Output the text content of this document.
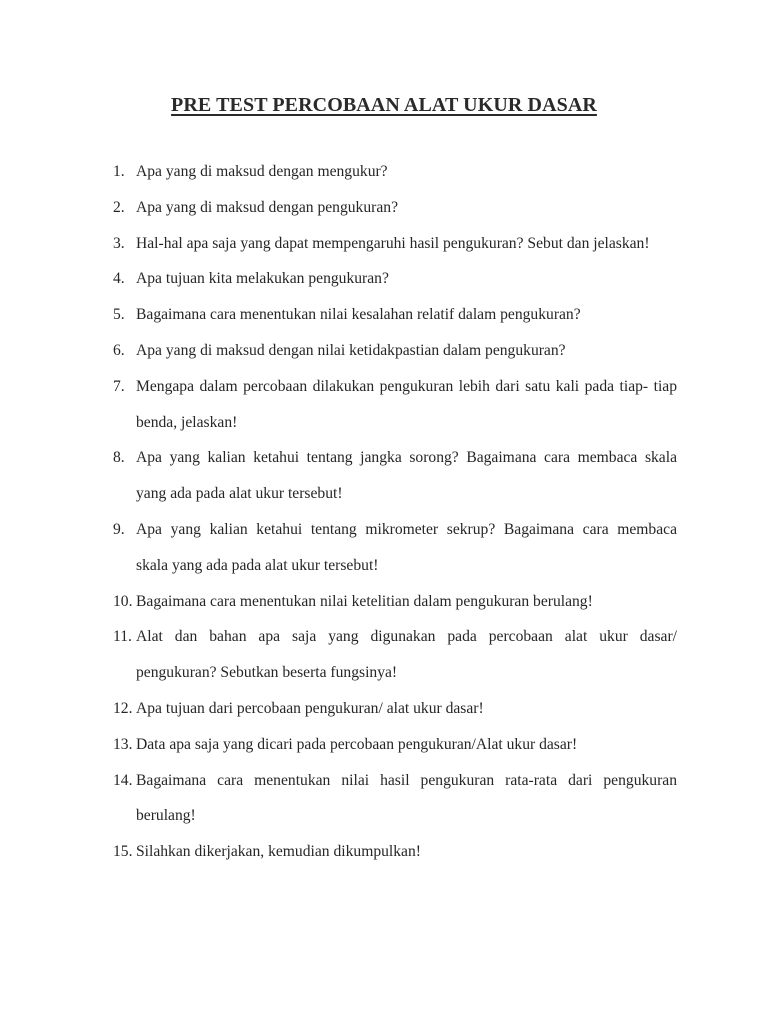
PRE TEST PERCOBAAN ALAT UKUR DASAR
1. Apa yang di maksud dengan mengukur?
2. Apa yang di maksud dengan pengukuran?
3. Hal-hal apa saja yang dapat mempengaruhi hasil pengukuran? Sebut dan jelaskan!
4. Apa tujuan kita melakukan pengukuran?
5. Bagaimana cara menentukan nilai kesalahan relatif dalam pengukuran?
6. Apa yang di maksud dengan nilai ketidakpastian dalam pengukuran?
7. Mengapa dalam percobaan dilakukan pengukuran lebih dari satu kali pada tiap- tiap
benda, jelaskan!
8. Apa yang kalian ketahui tentang jangka sorong? Bagaimana cara membaca skala
yang ada pada alat ukur tersebut!
9. Apa yang kalian ketahui tentang mikrometer sekrup? Bagaimana cara membaca
skala yang ada pada alat ukur tersebut!
10. Bagaimana cara menentukan nilai ketelitian dalam pengukuran berulang!
11. Alat dan bahan apa saja yang digunakan pada percobaan alat ukur dasar/
pengukuran? Sebutkan beserta fungsinya!
12. Apa tujuan dari percobaan pengukuran/ alat ukur dasar!
13. Data apa saja yang dicari pada percobaan pengukuran/Alat ukur dasar!
14. Bagaimana cara menentukan nilai hasil pengukuran rata-rata dari pengukuran
berulang!
15. Silahkan dikerjakan, kemudian dikumpulkan!
